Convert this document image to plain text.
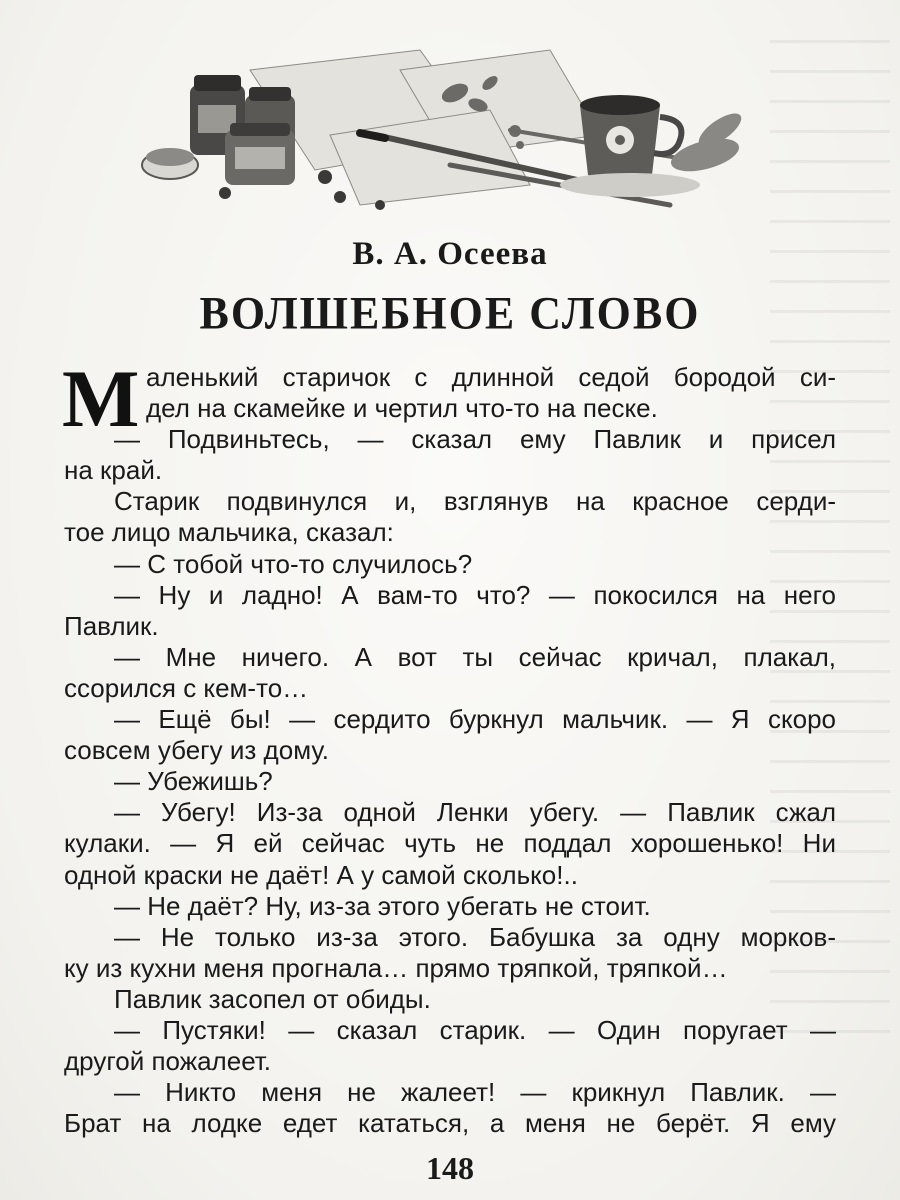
В. А. Осеева
ВОЛШЕБНОЕ СЛОВО
М аленький старичок с длинной седой бородой си-
дел на скамейке и чертил что-то на песке.
— Подвиньтесь, — сказал ему Павлик и присел
на край.
Старик подвинулся и, взглянув на красное серди-
тое лицо мальчика, сказал:
— С тобой что-то случилось?
— Ну и ладно! А вам-то что? — покосился на него
Павлик.
— Мне ничего. А вот ты сейчас кричал, плакал,
ссорился с кем-то…
— Ещё бы! — сердито буркнул мальчик. — Я скоро
совсем убегу из дому.
— Убежишь?
— Убегу! Из-за одной Ленки убегу. — Павлик сжал
кулаки. — Я ей сейчас чуть не поддал хорошенько! Ни
одной краски не даёт! А у самой сколько!..
— Не даёт? Ну, из-за этого убегать не стоит.
— Не только из-за этого. Бабушка за одну морков-
ку из кухни меня прогнала… прямо тряпкой, тряпкой…
Павлик засопел от обиды.
— Пустяки! — сказал старик. — Один поругает —
другой пожалеет.
— Никто меня не жалеет! — крикнул Павлик. —
Брат на лодке едет кататься, а меня не берёт. Я ему
148
